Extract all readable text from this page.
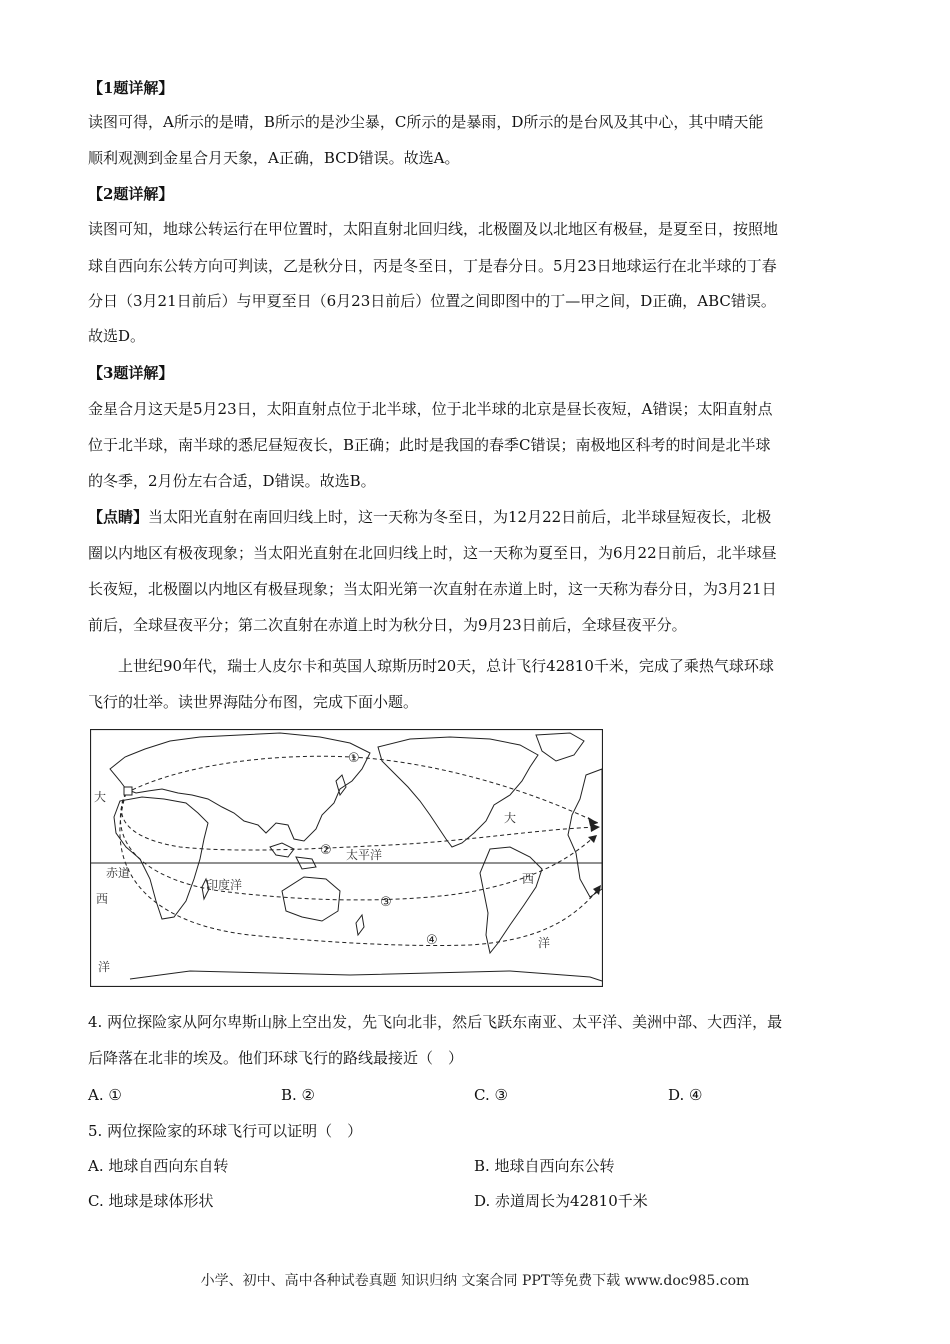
【1题详解】
读图可得，A所示的是晴，B所示的是沙尘暴，C所示的是暴雨，D所示的是台风及其中心，其中晴天能
顺利观测到金星合月天象，A正确，BCD错误。故选A。
【2题详解】
读图可知，地球公转运行在甲位置时，太阳直射北回归线，北极圈及以北地区有极昼，是夏至日，按照地
球自西向东公转方向可判读，乙是秋分日，丙是冬至日，丁是春分日。5月23日地球运行在北半球的丁春
分日（3月21日前后）与甲夏至日（6月23日前后）位置之间即图中的丁—甲之间，D正确，ABC错误。
故选D。
【3题详解】
金星合月这天是5月23日，太阳直射点位于北半球，位于北半球的北京是昼长夜短，A错误；太阳直射点
位于北半球，南半球的悉尼昼短夜长，B正确；此时是我国的春季C错误；南极地区科考的时间是北半球
的冬季，2月份左右合适，D错误。故选B。
【点睛】当太阳光直射在南回归线上时，这一天称为冬至日，为12月22日前后，北半球昼短夜长，北极
圈以内地区有极夜现象；当太阳光直射在北回归线上时，这一天称为夏至日，为6月22日前后，北半球昼
长夜短，北极圈以内地区有极昼现象；当太阳光第一次直射在赤道上时，这一天称为春分日，为3月21日
前后，全球昼夜平分；第二次直射在赤道上时为秋分日，为9月23日前后，全球昼夜平分。
　　上世纪90年代，瑞士人皮尔卡和英国人琼斯历时20天，总计飞行42810千米，完成了乘热气球环球
飞行的壮举。读世界海陆分布图，完成下面小题。
①
②
③
④
大
赤道
西
洋
印度洋
太平洋
大
西
洋
4. 两位探险家从阿尔卑斯山脉上空出发，先飞向北非，然后飞跃东南亚、太平洋、美洲中部、大西洋，最
后降落在北非的埃及。他们环球飞行的路线最接近（　）
A. ①	B. ②	C. ③	D. ④
5. 两位探险家的环球飞行可以证明（　）
A. 地球自西向东自转	B. 地球自西向东公转
C. 地球是球体形状	D. 赤道周长为42810千米
小学、初中、高中各种试卷真题 知识归纳 文案合同 PPT等免费下载 www.doc985.com
